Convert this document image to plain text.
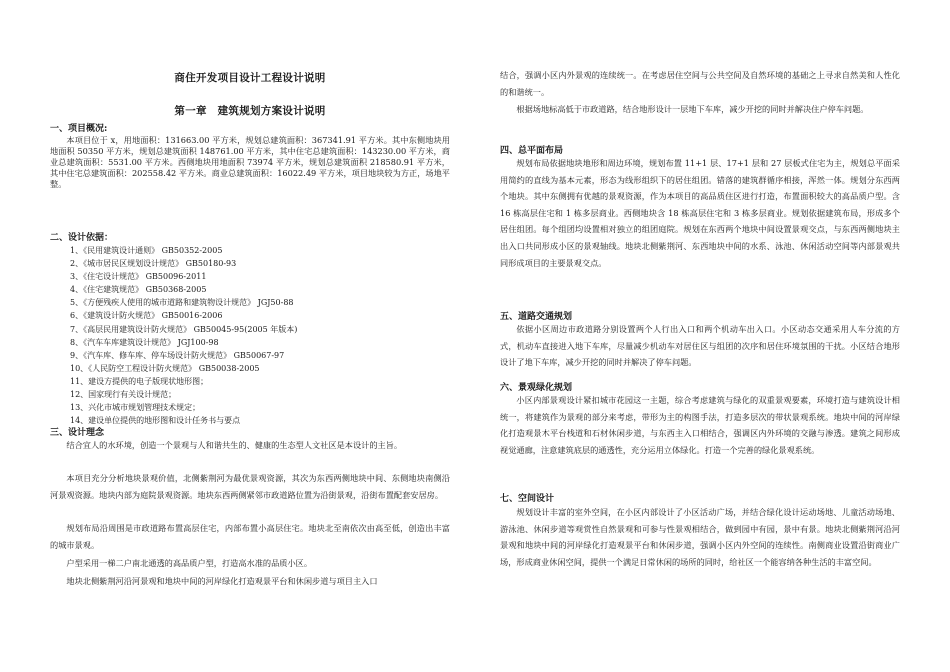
商住开发项目设计工程设计说明
第一章　建筑规划方案设计说明
一、项目概况:
本项目位于 x，用地面积：131663.00 平方米，规划总建筑面积：367341.91 平方米。其中东侧地块用地面积 50350 平方米，规划总建筑面积 148761.00 平方米，其中住宅总建筑面积：143230.00 平方米，商业总建筑面积：5531.00 平方米。西侧地块用地面积 73974 平方米，规划总建筑面积 218580.91 平方米，其中住宅总建筑面积：202558.42 平方米。商业总建筑面积：16022.49 平方米，项目地块较为方正，场地平整。
二、设计依据：
1、《民用建筑设计通则》 GB50352-2005
2、《城市居民区规划设计规范》 GB50180-93
3、《住宅设计规范》 GB50096-2011
4、《住宅建筑规范》 GB50368-2005
5、《方便残疾人使用的城市道路和建筑物设计规范》 JGJ50-88
6、《建筑设计防火规范》 GB50016-2006
7、《高层民用建筑设计防火规范》 GB50045-95(2005 年版本)
8、《汽车车库建筑设计规范》 JGJ100-98
9、《汽车库、修车库、停车场设计防火规范》 GB50067-97
10、《人民防空工程设计防火规范》 GB50038-2005
11、建设方提供的电子版现状地形图；
12、国家现行有关设计规范；
13、兴化市城市规划管理技术规定；
14、建设单位提供的地形图和设计任务书与要点
三、设计理念
结合宜人的水环境，创造一个景观与人和谐共生的、健康的生态型人文社区是本设计的主旨。
本项目充分分析地块景观价值，北侧紫荆河为最优景观资源，其次为东西两侧地块中间、东侧地块南侧沿河景观资源。地块内部为庭院景观资源。地块东西两侧紧邻市政道路位置为沿街景观，沿街布置配套安居房。
规划布局沿周围是市政道路布置高层住宅，内部布置小高层住宅。地块北至南依次由高至低，创造出丰富的城市景观。
户型采用一梯二户南北通透的高品质户型，打造高水准的品质小区。
地块北侧紫荆河沿河景观和地块中间的河岸绿化打造观景平台和休闲步道与项目主入口
结合，强调小区内外景观的连续统一。在考虑居住空间与公共空间及自然环境的基础之上寻求自然美和人性化的和谐统一。
根据场地标高低于市政道路，结合地形设计一层地下车库，减少开挖的同时并解决住户停车问题。
四、总平面布局
规划布局依据地块地形和周边环境，规划布置 11+1 层、17+1 层和 27 层板式住宅为主，规划总平面采用简约的直线为基本元素，形态为线形组织下的居住组团。错落的建筑群循序相接，浑然一体。规划分东西两个地块。其中东侧拥有优越的景观资源，作为本项目的高品质住区进行打造，布置面积较大的高品质户型。含 16 栋高层住宅和 1 栋多层商业。西侧地块含 18 栋高层住宅和 3 栋多层商业。规划依据建筑布局，形成多个居住组团。每个组团均设置相对独立的组团庭院。规划在东西两个地块中间设置景观交点，与东西两侧地块主出入口共同形成小区的景观轴线。地块北侧紫荆河、东西地块中间的水系、泳池、休闲活动空间等内部景观共同形成项目的主要景观交点。
五、道路交通规划
依据小区周边市政道路分别设置两个人行出入口和两个机动车出入口。小区动态交通采用人车分流的方式，机动车直接进入地下车库，尽量减少机动车对居住区与组团的次序和居住环境氛围的干扰。小区结合地形设计了地下车库，减少开挖的同时并解决了停车问题。
六、景观绿化规划
小区内部景观设计紧扣城市花园这一主题，综合考虑建筑与绿化的双重景观要素，环境打造与建筑设计相统一，将建筑作为景观的部分来考虑，带形为主的构图手法，打造多层次的带状景观系统。地块中间的河岸绿化打造观景木平台栈道和石材休闲步道，与东西主入口相结合，强调区内外环境的交融与渗透。建筑之间形成视觉通廊，注意建筑底层的通透性，充分运用立体绿化。打造一个完善的绿化景观系统。
七、空间设计
规划设计丰富的室外空间，在小区内部设计了小区活动广场，并结合绿化设计运动场地、儿童活动场地、游泳池、休闲步道等观赏性自然景观和可参与性景观相结合，做到园中有园，景中有景。地块北侧紫荆河沿河景观和地块中间的河岸绿化打造观景平台和休闲步道，强调小区内外空间的连续性。南侧商业设置沿街商业广场，形成商业休闲空间，提供一个满足日常休闲的场所的同时，给社区一个能容纳各种生活的丰富空间。
